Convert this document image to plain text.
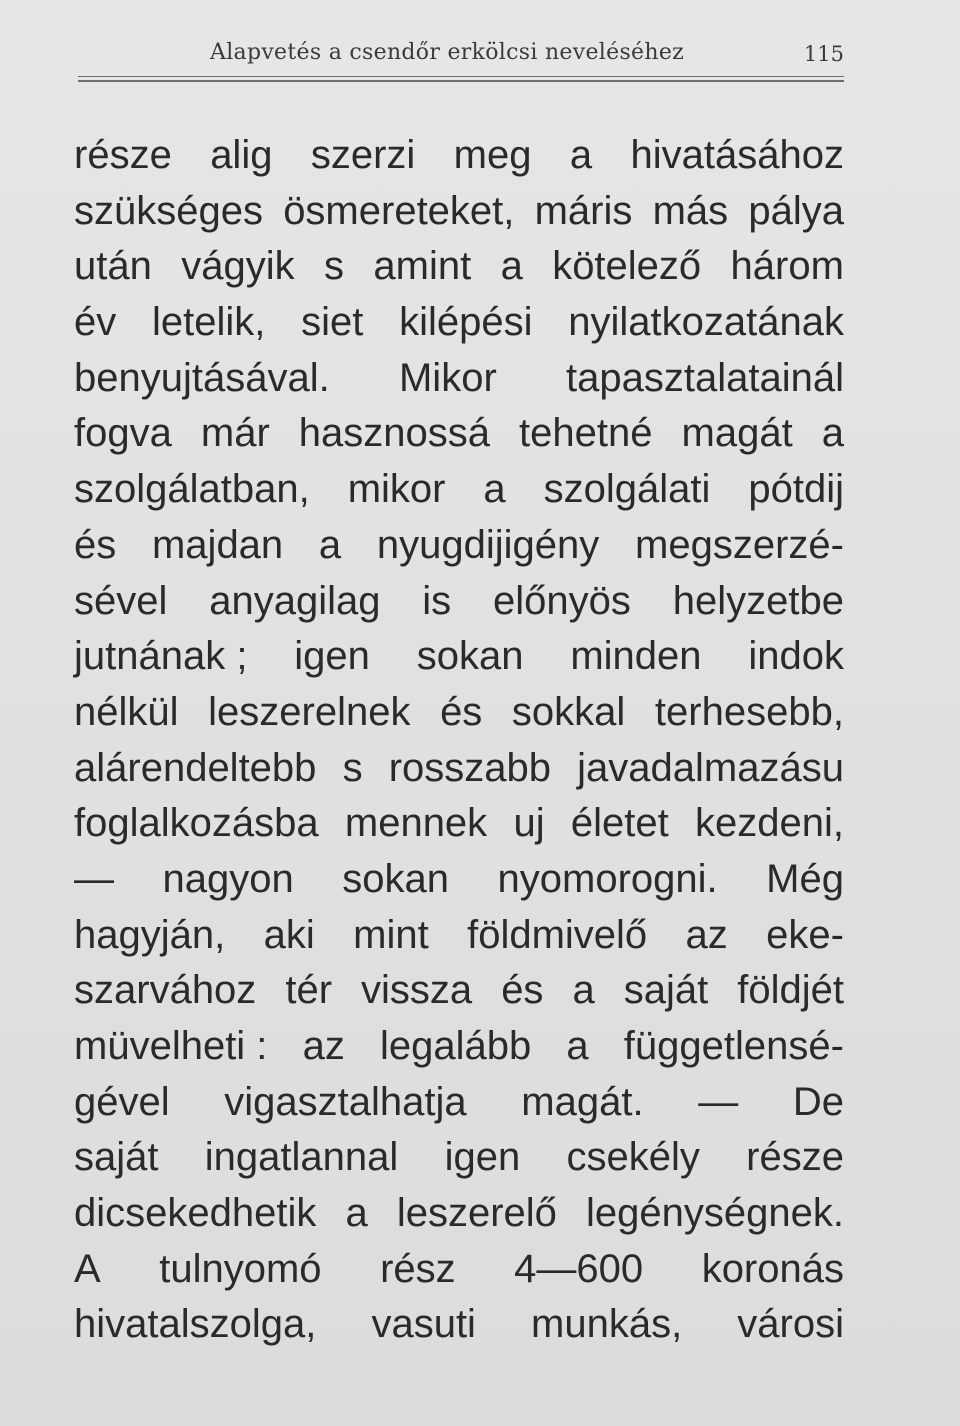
Alapvetés a csendőr erkölcsi neveléséhez	115
része alig szerzi meg a hivatásához
szükséges ösmereteket, máris más pálya
után vágyik s amint a kötelező három
év letelik, siet kilépési nyilatkozatának
benyujtásával. Mikor tapasztalatainál
fogva már hasznossá tehetné magát a
szolgálatban, mikor a szolgálati pótdij
és majdan a nyugdijigény megszerzé-
sével anyagilag is előnyös helyzetbe
jutnának ; igen sokan minden indok
nélkül leszerelnek és sokkal terhesebb,
alárendeltebb s rosszabb javadalmazásu
foglalkozásba mennek uj életet kezdeni,
— nagyon sokan nyomorogni. Még
hagyján, aki mint földmivelő az eke-
szarvához tér vissza és a saját földjét
müvelheti : az legalább a függetlensé-
gével vigasztalhatja magát. — De
saját ingatlannal igen csekély része
dicsekedhetik a leszerelő legénységnek.
A tulnyomó rész 4—600 koronás
hivatalszolga, vasuti munkás, városi
